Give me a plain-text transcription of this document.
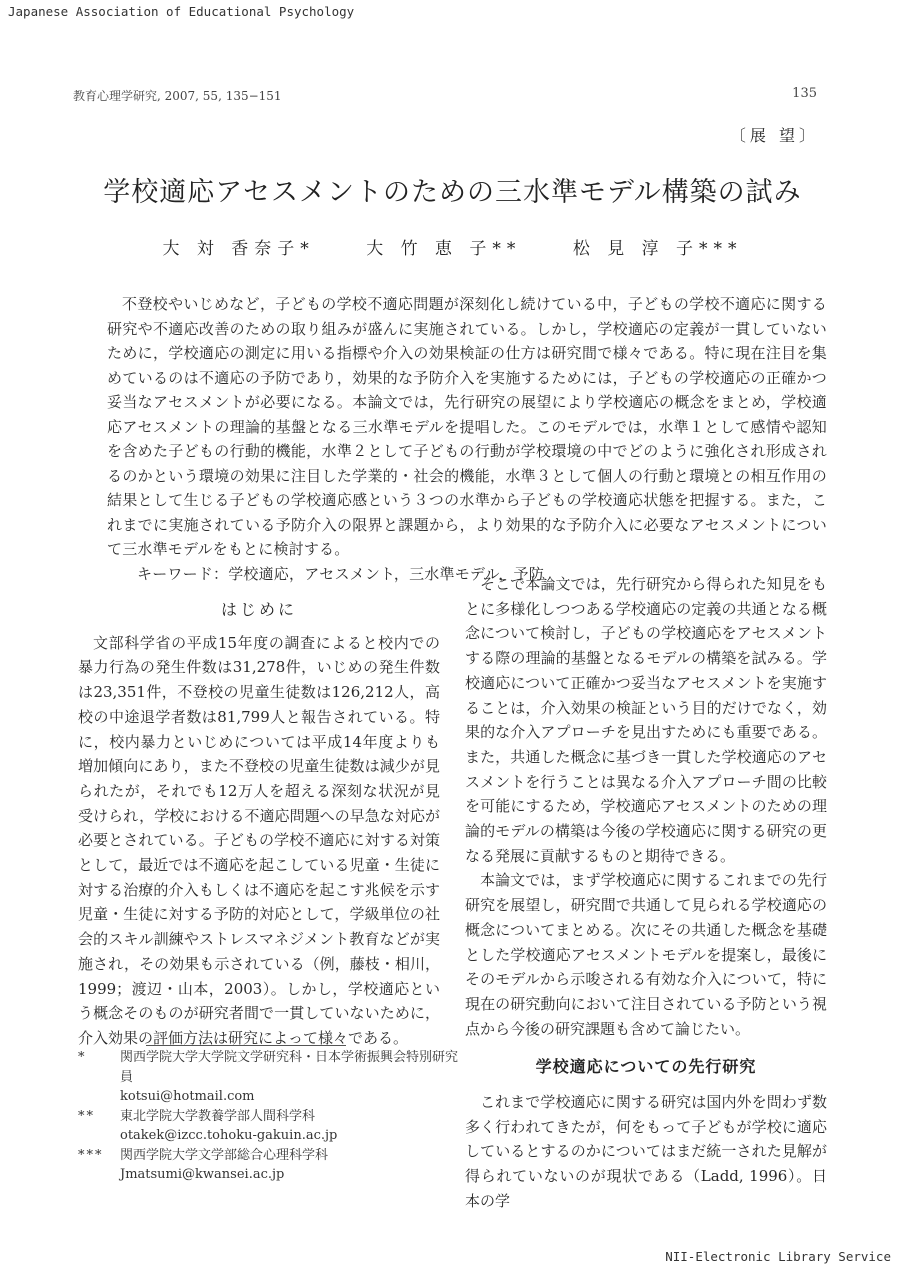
Japanese Association of Educational Psychology
教育心理学研究, 2007, 55, 135−151	135
〔展 望〕
学校適応アセスメントのための三水準モデル構築の試み
大 対 香奈子*	大 竹 恵 子**	松 見 淳 子***

不登校やいじめなど，子どもの学校不適応問題が深刻化し続けている中，子どもの学校不適応に関する研究や不適応改善のための取り組みが盛んに実施されている。しかし，学校適応の定義が一貫していないために，学校適応の測定に用いる指標や介入の効果検証の仕方は研究間で様々である。特に現在注目を集めているのは不適応の予防であり，効果的な予防介入を実施するためには，子どもの学校適応の正確かつ妥当なアセスメントが必要になる。本論文では，先行研究の展望により学校適応の概念をまとめ，学校適応アセスメントの理論的基盤となる三水準モデルを提唱した。このモデルでは，水準１として感情や認知を含めた子どもの行動的機能，水準２として子どもの行動が学校環境の中でどのように強化され形成されるのかという環境の効果に注目した学業的・社会的機能，水準３として個人の行動と環境との相互作用の結果として生じる子どもの学校適応感という３つの水準から子どもの学校適応状態を把握する。また，これまでに実施されている予防介入の限界と課題から，より効果的な予防介入に必要なアセスメントについて三水準モデルをもとに検討する。

キーワード：学校適応，アセスメント，三水準モデル，予防

はじめに

文部科学省の平成15年度の調査によると校内での暴力行為の発生件数は31,278件，いじめの発生件数は23,351件，不登校の児童生徒数は126,212人，高校の中途退学者数は81,799人と報告されている。特に，校内暴力といじめについては平成14年度よりも増加傾向にあり，また不登校の児童生徒数は減少が見られたが，それでも12万人を超える深刻な状況が見受けられ，学校における不適応問題への早急な対応が必要とされている。子どもの学校不適応に対する対策として，最近では不適応を起こしている児童・生徒に対する治療的介入もしくは不適応を起こす兆候を示す児童・生徒に対する予防的対応として，学級単位の社会的スキル訓練やストレスマネジメント教育などが実施され，その効果も示されている（例，藤枝・相川，1999；渡辺・山本，2003）。しかし，学校適応という概念そのものが研究者間で一貫していないために，介入効果の評価方法は研究によって様々である。

そこで本論文では，先行研究から得られた知見をもとに多様化しつつある学校適応の定義の共通となる概念について検討し，子どもの学校適応をアセスメントする際の理論的基盤となるモデルの構築を試みる。学校適応について正確かつ妥当なアセスメントを実施することは，介入効果の検証という目的だけでなく，効果的な介入アプローチを見出すためにも重要である。また，共通した概念に基づき一貫した学校適応のアセスメントを行うことは異なる介入アプローチ間の比較を可能にするため，学校適応アセスメントのための理論的モデルの構築は今後の学校適応に関する研究の更なる発展に貢献するものと期待できる。

本論文では，まず学校適応に関するこれまでの先行研究を展望し，研究間で共通して見られる学校適応の概念についてまとめる。次にその共通した概念を基礎とした学校適応アセスメントモデルを提案し，最後にそのモデルから示唆される有効な介入について，特に現在の研究動向において注目されている予防という視点から今後の研究課題も含めて論じたい。

学校適応についての先行研究

これまで学校適応に関する研究は国内外を問わず数多く行われてきたが，何をもって子どもが学校に適応しているとするのかについてはまだ統一された見解が得られていないのが現状である（Ladd, 1996）。日本の学

*	関西学院大学大学院文学研究科・日本学術振興会特別研究員
kotsui@hotmail.com
**	東北学院大学教養学部人間科学科
otakek@izcc.tohoku-gakuin.ac.jp
***	関西学院大学文学部総合心理科学科
Jmatsumi@kwansei.ac.jp
NII-Electronic Library Service
